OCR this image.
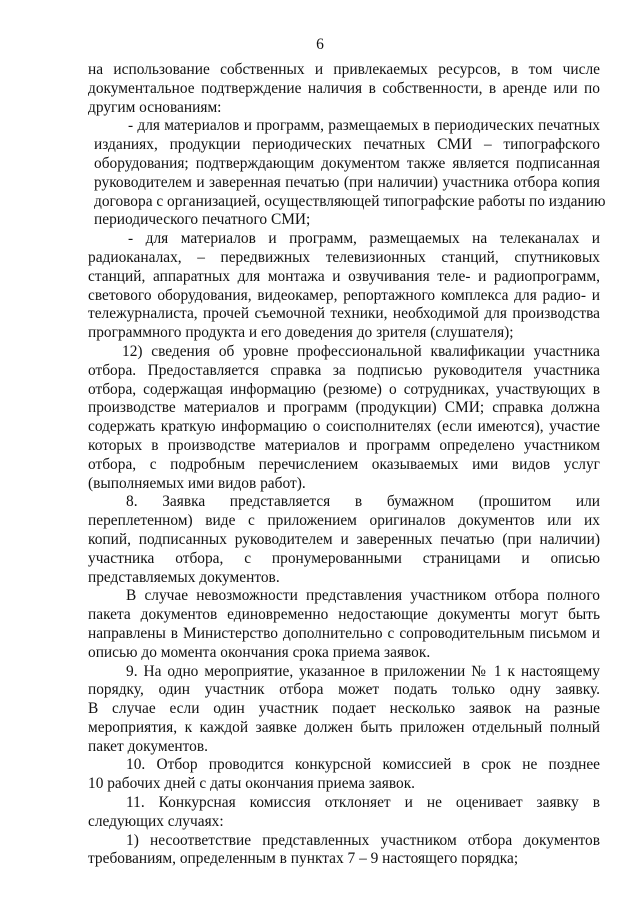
6
на использование собственных и привлекаемых ресурсов, в том числе
документальное подтверждение наличия в собственности, в аренде или по
другим основаниям:
- для материалов и программ, размещаемых в периодических печатных
изданиях, продукции периодических печатных СМИ – типографского
оборудования; подтверждающим документом также является подписанная
руководителем и заверенная печатью (при наличии) участника отбора копия
договора с организацией, осуществляющей типографские работы по изданию
периодического печатного СМИ;
- для материалов и программ, размещаемых на телеканалах и
радиоканалах, – передвижных телевизионных станций, спутниковых
станций, аппаратных для монтажа и озвучивания теле- и радиопрограмм,
светового оборудования, видеокамер, репортажного комплекса для радио- и
тележурналиста, прочей съемочной техники, необходимой для производства
программного продукта и его доведения до зрителя (слушателя);
12) сведения об уровне профессиональной квалификации участника
отбора. Предоставляется справка за подписью руководителя участника
отбора, содержащая информацию (резюме) о сотрудниках, участвующих в
производстве материалов и программ (продукции) СМИ; справка должна
содержать краткую информацию о соисполнителях (если имеются), участие
которых в производстве материалов и программ определено участником
отбора, с подробным перечислением оказываемых ими видов услуг
(выполняемых ими видов работ).
8. Заявка представляется в бумажном (прошитом или
переплетенном) виде с приложением оригиналов документов или их
копий, подписанных руководителем и заверенных печатью (при наличии)
участника отбора, с пронумерованными страницами и описью
представляемых документов.
В случае невозможности представления участником отбора полного
пакета документов единовременно недостающие документы могут быть
направлены в Министерство дополнительно с сопроводительным письмом и
описью до момента окончания срока приема заявок.
9. На одно мероприятие, указанное в приложении № 1 к настоящему
порядку, один участник отбора может подать только одну заявку.
В случае если один участник подает несколько заявок на разные
мероприятия, к каждой заявке должен быть приложен отдельный полный
пакет документов.
10. Отбор проводится конкурсной комиссией в срок не позднее
10 рабочих дней с даты окончания приема заявок.
11. Конкурсная комиссия отклоняет и не оценивает заявку в
следующих случаях:
1) несоответствие представленных участником отбора документов
требованиям, определенным в пунктах 7 – 9 настоящего порядка;
